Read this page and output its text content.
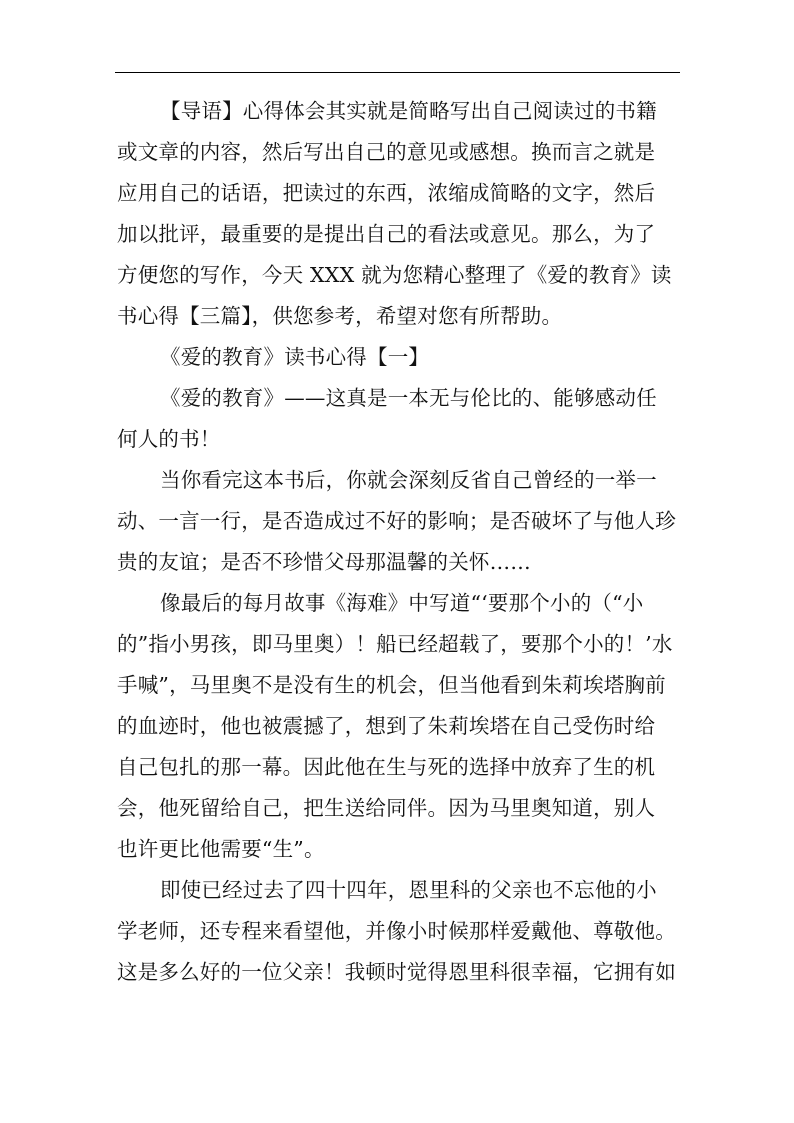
【导语】心得体会其实就是简略写出自己阅读过的书籍
或文章的内容，然后写出自己的意见或感想。换而言之就是
应用自己的话语，把读过的东西，浓缩成简略的文字，然后
加以批评，最重要的是提出自己的看法或意见。那么，为了
方便您的写作，今天 XXX 就为您精心整理了《爱的教育》读
书心得【三篇】，供您参考，希望对您有所帮助。
《爱的教育》读书心得【一】
《爱的教育》——这真是一本无与伦比的、能够感动任
何人的书！
当你看完这本书后，你就会深刻反省自己曾经的一举一
动、一言一行，是否造成过不好的影响；是否破坏了与他人珍
贵的友谊；是否不珍惜父母那温馨的关怀……
像最后的每月故事《海难》中写道“‘要那个小的（“小
的”指小男孩，即马里奥）！船已经超载了，要那个小的！’水
手喊”，马里奥不是没有生的机会，但当他看到朱莉埃塔胸前
的血迹时，他也被震撼了，想到了朱莉埃塔在自己受伤时给
自己包扎的那一幕。因此他在生与死的选择中放弃了生的机
会，他死留给自己，把生送给同伴。因为马里奥知道，别人
也许更比他需要“生”。
即使已经过去了四十四年，恩里科的父亲也不忘他的小
学老师，还专程来看望他，并像小时候那样爱戴他、尊敬他。
这是多么好的一位父亲！我顿时觉得恩里科很幸福，它拥有如
